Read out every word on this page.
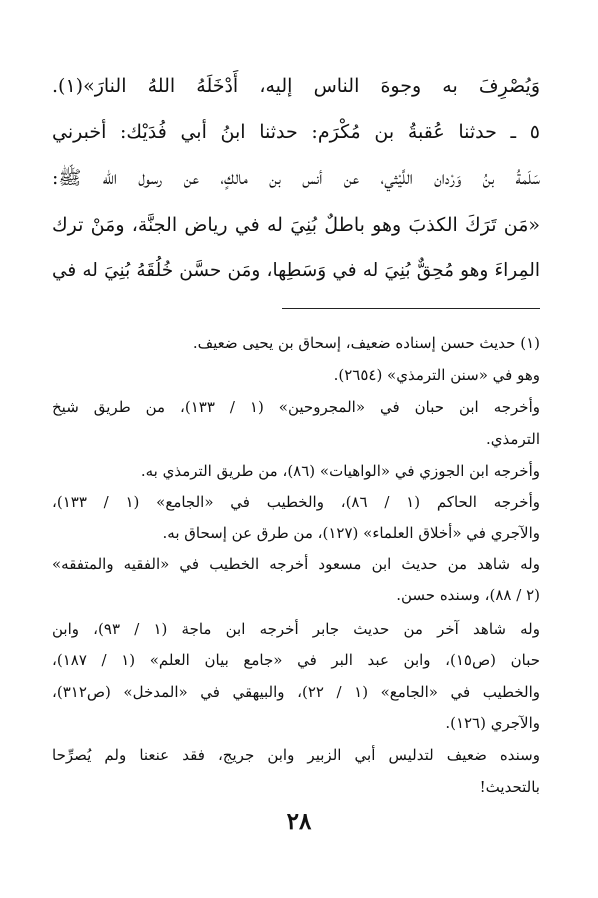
وَيُصْرِفَ به وجوهَ الناس إليه، أَدْخَلَهُ اللهُ النارَ»(١).
٥ ـ حدثنا عُقبةُ بن مُكْرَم: حدثنا ابنُ أبي فُدَيْك: أخبرني
سَلَمةُ بنُ وَرْدان اللَّيْثي، عن أنس بن مالكٍ، عن رسول الله ﷺ:
«مَن تَرَكَ الكذبَ وهو باطلٌ بُنِيَ له في رياض الجنَّة، ومَنْ ترك
المِراءَ وهو مُحِقٌّ بُنِيَ له في وَسَطِها، ومَن حسَّن خُلُقَهُ بُنِيَ له في
(١) حديث حسن إسناده ضعيف، إسحاق بن يحيى ضعيف.
وهو في «سنن الترمذي» (٢٦٥٤).
وأخرجه ابن حبان في «المجروحين» (١ / ١٣٣)، من طريق شيخ
الترمذي.
وأخرجه ابن الجوزي في «الواهيات» (٨٦)، من طريق الترمذي به.
وأخرجه الحاكم (١ / ٨٦)، والخطيب في «الجامع» (١ / ١٣٣)،
والآجري في «أخلاق العلماء» (١٢٧)، من طرق عن إسحاق به.
وله شاهد من حديث ابن مسعود أخرجه الخطيب في «الفقيه والمتفقه»
(٢ / ٨٨)، وسنده حسن.
وله شاهد آخر من حديث جابر أخرجه ابن ماجة (١ / ٩٣)، وابن
حبان (ص١٥)، وابن عبد البر في «جامع بيان العلم» (١ / ١٨٧)،
والخطيب في «الجامع» (١ / ٢٢)، والبيهقي في «المدخل» (ص٣١٢)،
والآجري (١٢٦).
وسنده ضعيف لتدليس أبي الزبير وابن جريج، فقد عنعنا ولم يُصرِّحا
بالتحديث!
٢٨
